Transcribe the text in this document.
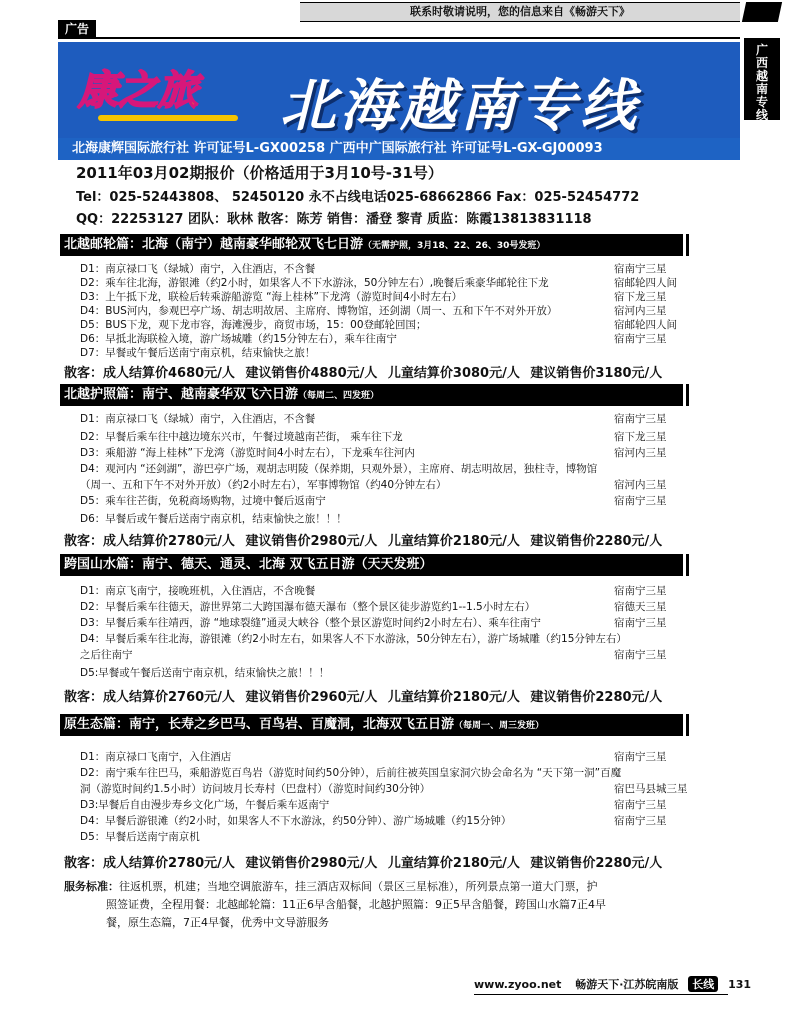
广告
联系时敬请说明，您的信息来自《畅游天下》
广西越南专线
康之旅 北海越南专线
北海康辉国际旅行社 许可证号L-GX00258 广西中广国际旅行社 许可证号L-GX-GJ00093
2011年03月02期报价（价格适用于3月10号-31号）
Tel：025-52443808、 52450120 永不占线电话025-68662866 Fax：025-52454772
QQ：22253127 团队：耿林 散客：陈芳 销售：潘登 黎青 质监：陈霞13813831118
北越邮轮篇：北海（南宁）越南豪华邮轮双飞七日游（无需护照，3月18、22、26、30号发班）
D1：南京禄口飞（绿城）南宁，入住酒店，不含餐	宿南宁三星
D2：乘车往北海，游银滩（约2小时，如果客人不下水游泳，50分钟左右）,晚餐后乘豪华邮轮往下龙	宿邮轮四人间
D3：上午抵下龙，联检后转乘游船游览 “海上桂林”下龙湾（游览时间4小时左右）	宿下龙三星
D4：BUS河内，参观巴亭广场、胡志明故居、主席府、博物馆，还剑湖（周一、五和下午不对外开放）	宿河内三星
D5：BUS下龙，观下龙市容，海滩漫步，商贸市场，15：00登邮轮回国；	宿邮轮四人间
D6：早抵北海联检入境，游广场城雕（约15分钟左右），乘车往南宁	宿南宁三星
D7：早餐或午餐后送南宁南京机，结束愉快之旅！
散客：成人结算价4680元/人 建议销售价4880元/人 儿童结算价3080元/人 建议销售价3180元/人
北越护照篇：南宁、越南豪华双飞六日游（每周二、四发班）
D1：南京禄口飞（绿城）南宁，入住酒店，不含餐	宿南宁三星
D2：早餐后乘车往中越边境东兴市，午餐过境越南芒街， 乘车往下龙	宿下龙三星
D3：乘船游 “海上桂林”下龙湾（游览时间4小时左右），下龙乘车往河内	宿河内三星
D4：观河内 “还剑湖”，游巴亭广场，观胡志明陵（保养期，只观外景），主席府、胡志明故居，独柱寺，博物馆
（周一、五和下午不对外开放）（约2小时左右），军事博物馆（约40分钟左右）	宿河内三星
D5：乘车往芒街，免税商场购物，过境中餐后返南宁	宿南宁三星
D6：早餐后或午餐后送南宁南京机，结束愉快之旅！！！
散客：成人结算价2780元/人 建议销售价2980元/人 儿童结算价2180元/人 建议销售价2280元/人
跨国山水篇：南宁、德天、通灵、北海 双飞五日游（天天发班）
D1：南京飞南宁，接晚班机，入住酒店，不含晚餐	宿南宁三星
D2：早餐后乘车往德天，游世界第二大跨国瀑布德天瀑布（整个景区徒步游览约1--1.5小时左右）	宿德天三星
D3：早餐后乘车往靖西，游 “地球裂缝”通灵大峡谷（整个景区游览时间约2小时左右）、乘车往南宁	宿南宁三星
D4：早餐后乘车往北海，游银滩（约2小时左右，如果客人不下水游泳，50分钟左右），游广场城雕（约15分钟左右）
之后往南宁	宿南宁三星
D5:早餐或午餐后送南宁南京机，结束愉快之旅！！！
散客：成人结算价2760元/人 建议销售价2960元/人 儿童结算价2180元/人 建议销售价2280元/人
原生态篇：南宁，长寿之乡巴马、百鸟岩、百魔洞，北海双飞五日游（每周一、周三发班）
D1：南京禄口飞南宁，入住酒店	宿南宁三星
D2：南宁乘车往巴马，乘船游览百鸟岩（游览时间约50分钟），后前往被英国皇家洞穴协会命名为 “天下第一洞”百魔
洞（游览时间约1.5小时）访问坡月长寿村（巴盘村）（游览时间约30分钟）	宿巴马县城三星
D3:早餐后自由漫步寿乡文化广场，午餐后乘车返南宁	宿南宁三星
D4：早餐后游银滩（约2小时，如果客人不下水游泳，约50分钟）、游广场城雕（约15分钟）	宿南宁三星
D5：早餐后送南宁南京机
散客：成人结算价2780元/人 建议销售价2980元/人 儿童结算价2180元/人 建议销售价2280元/人
服务标准：往返机票，机建；当地空调旅游车，挂三酒店双标间（景区三星标准），所列景点第一道大门票，护
照签证费，全程用餐：北越邮轮篇：11正6早含船餐，北越护照篇：9正5早含船餐，跨国山水篇7正4早
餐，原生态篇，7正4早餐，优秀中文导游服务
www.zyoo.net 畅游天下·江苏皖南版 长线 131
